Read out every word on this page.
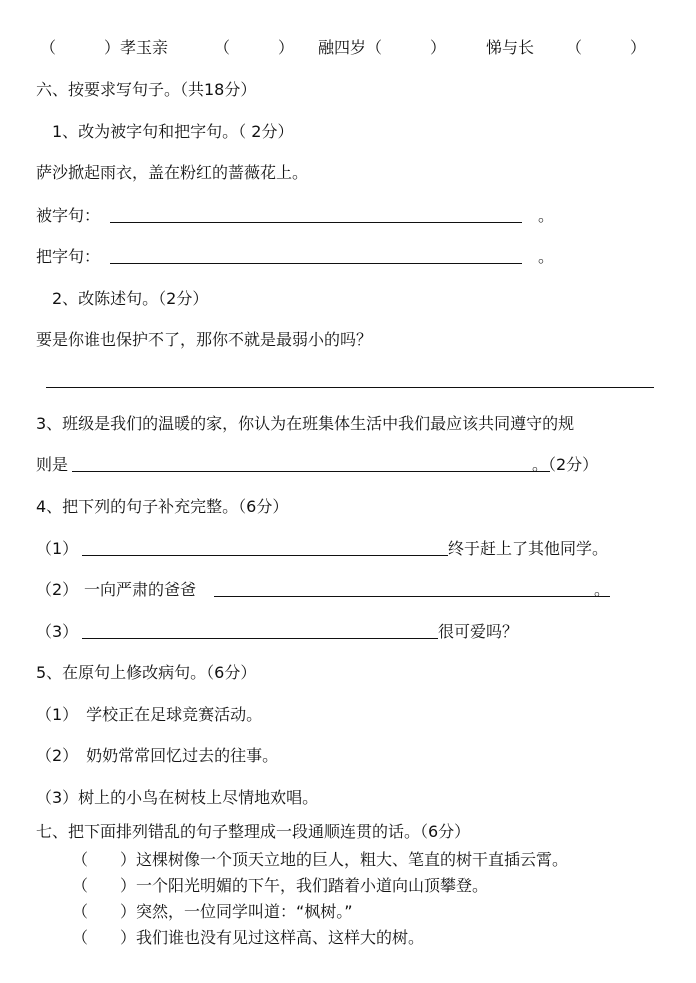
（　　　）孝玉亲	（　　　） 融四岁（　　　） 悌与长 （　　　）
六、按要求写句子。（共18分）
1、改为被字句和把字句。（ 2分）
萨沙掀起雨衣，盖在粉红的蔷薇花上。
被字句：	。
把字句：	。
2、改陈述句。（2分）
要是你谁也保护不了，那你不就是最弱小的吗？
3、班级是我们的温暖的家，你认为在班集体生活中我们最应该共同遵守的规
则是	。（2分）
4、把下列的句子补充完整。（6分）
（1）	终于赶上了其他同学。
（2） 一向严肃的爸爸	。
（3）	很可爱吗？
5、在原句上修改病句。（6分）
（1）　学校正在足球竞赛活动。
（2）　奶奶常常回忆过去的往事。
（3）树上的小鸟在树枝上尽情地欢唱。
七、把下面排列错乱的句子整理成一段通顺连贯的话。（6分）
（　　）这棵树像一个顶天立地的巨人，粗大、笔直的树干直插云霄。
（　　）一个阳光明媚的下午，我们踏着小道向山顶攀登。
（　　）突然，一位同学叫道：“枫树。”
（　　）我们谁也没有见过这样高、这样大的树。
